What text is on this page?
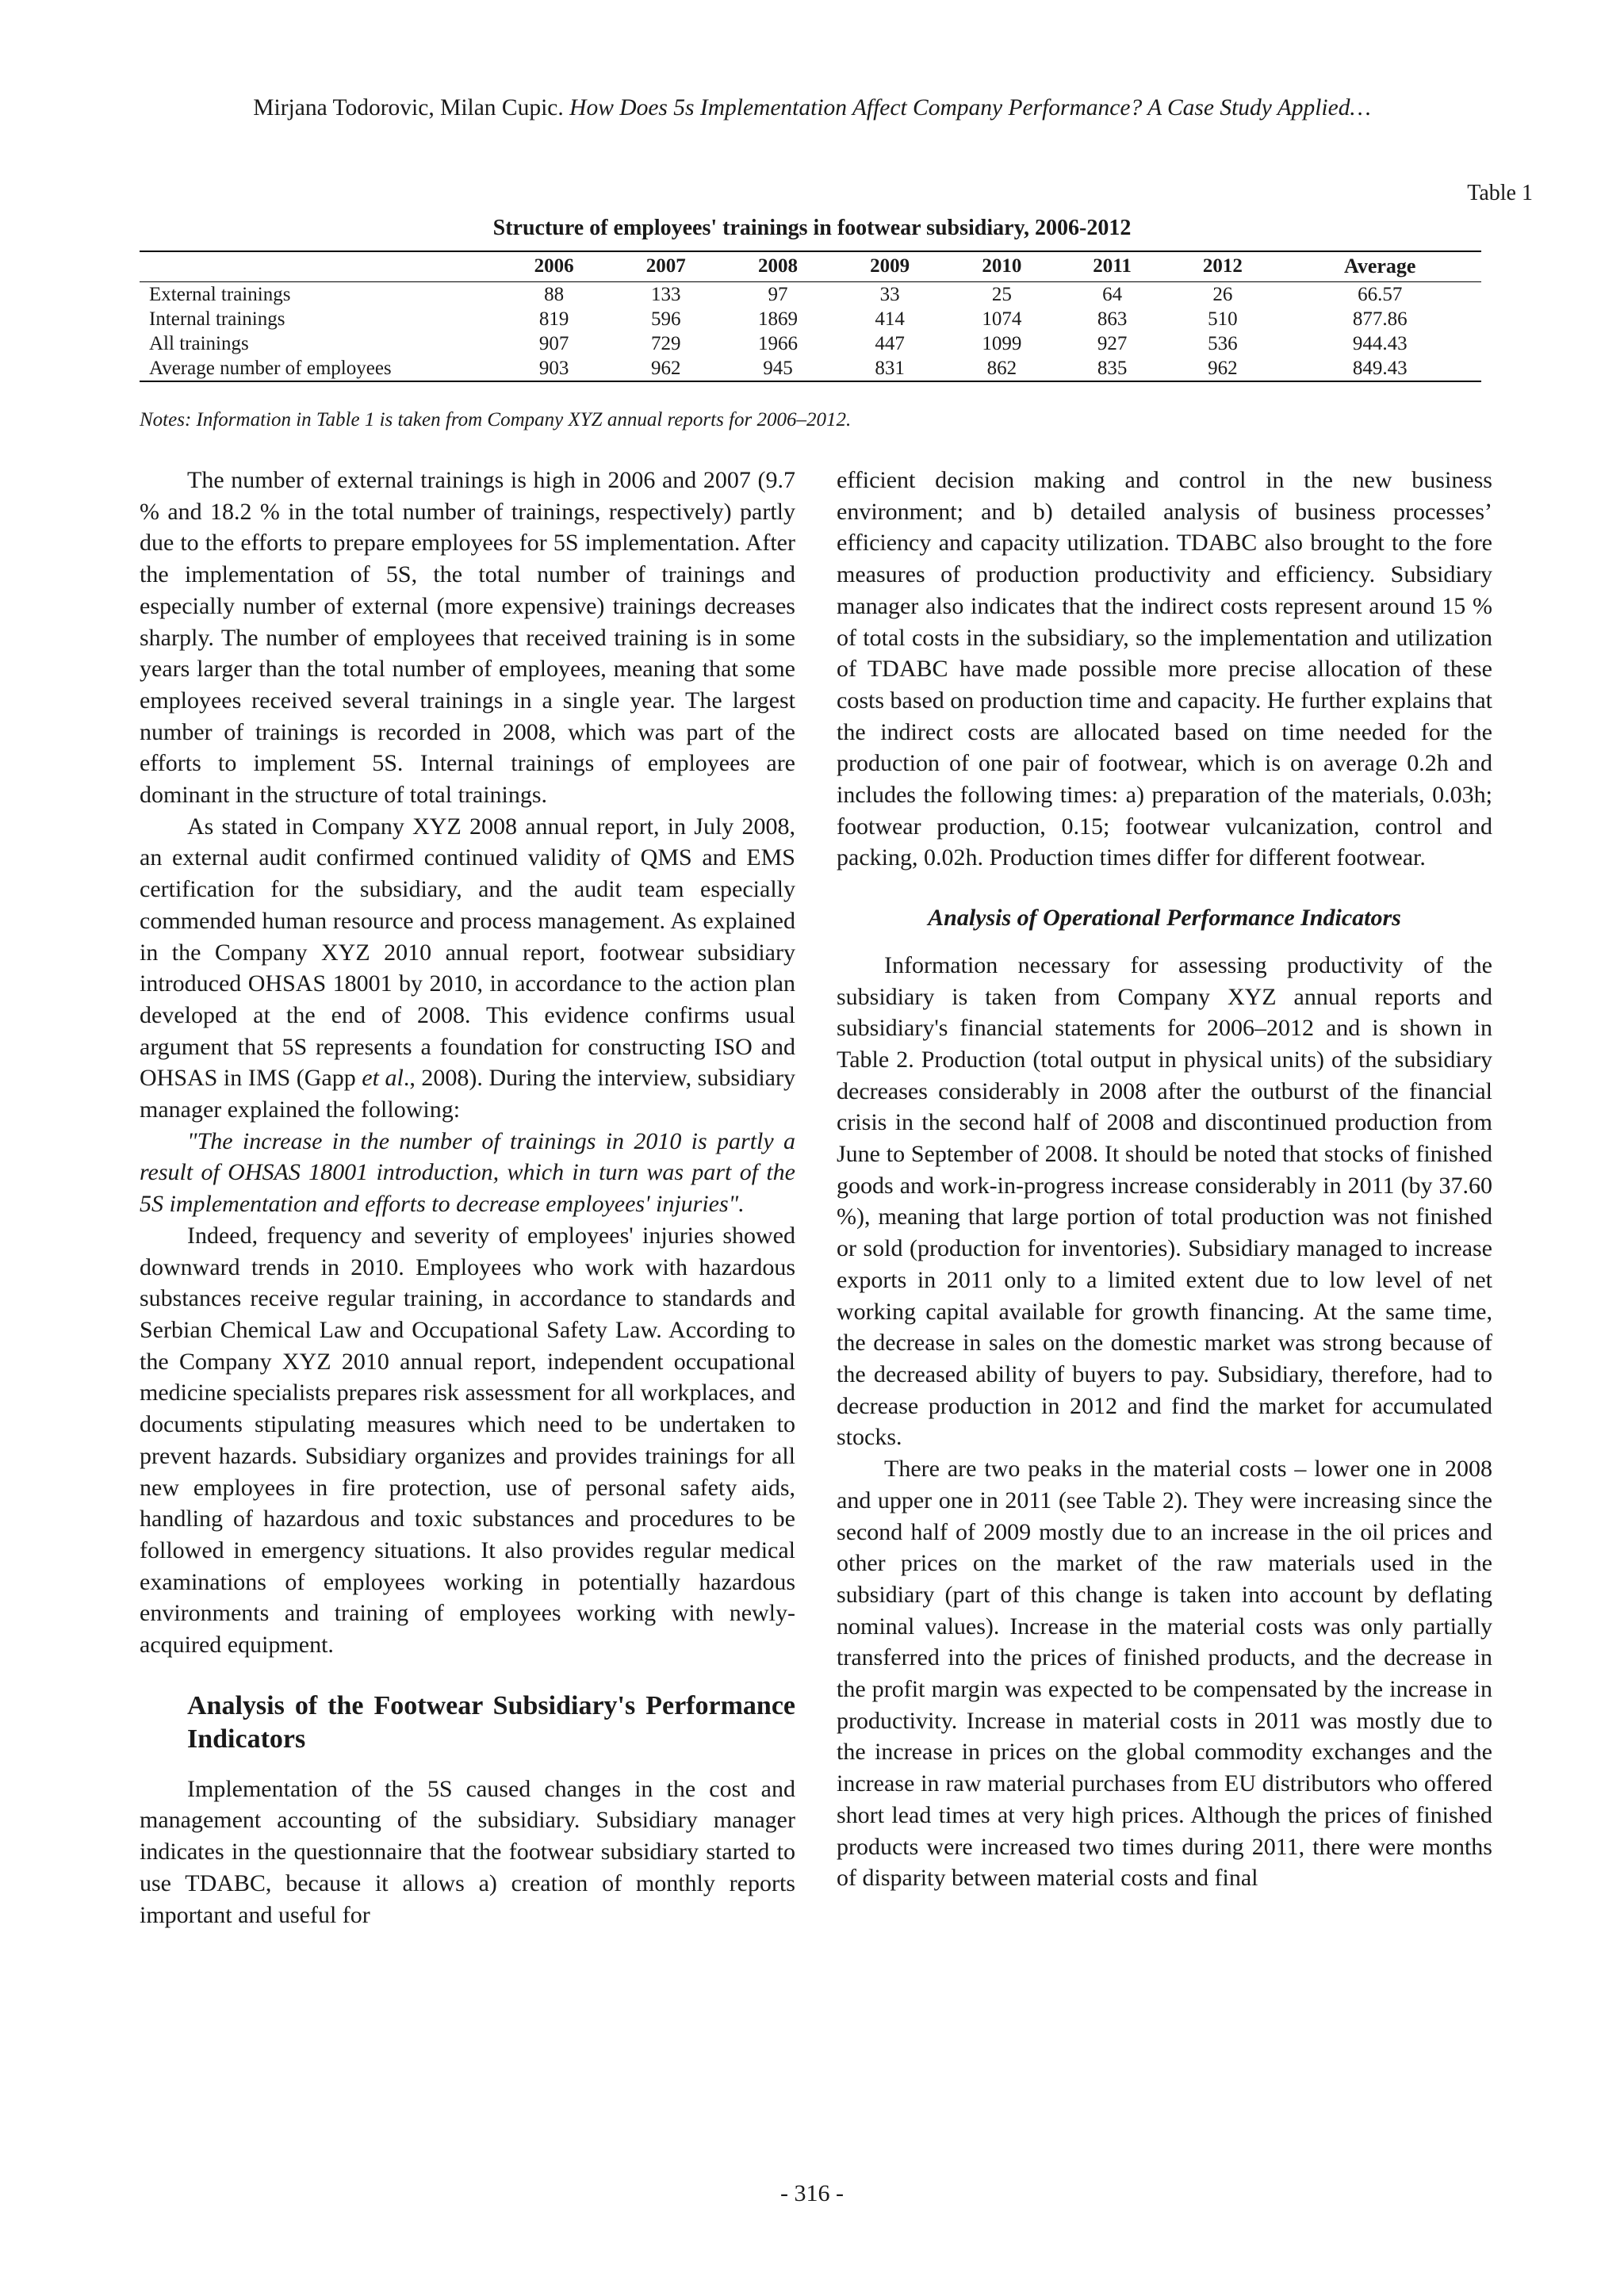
Mirjana Todorovic, Milan Cupic. How Does 5s Implementation Affect Company Performance? A Case Study Applied…
Table 1
Structure of employees' trainings in footwear subsidiary, 2006-2012
	2006	2007	2008	2009	2010	2011	2012	Average
External trainings	88	133	97	33	25	64	26	66.57
Internal trainings	819	596	1869	414	1074	863	510	877.86
All trainings	907	729	1966	447	1099	927	536	944.43
Average number of employees	903	962	945	831	862	835	962	849.43
Notes: Information in Table 1 is taken from Company XYZ annual reports for 2006–2012.

The number of external trainings is high in 2006 and 2007 (9.7 % and 18.2 % in the total number of trainings, respectively) partly due to the efforts to prepare employees for 5S implementation. After the implementation of 5S, the total number of trainings and especially number of external (more expensive) trainings decreases sharply. The number of employees that received training is in some years larger than the total number of employees, meaning that some employees received several trainings in a single year. The largest number of trainings is recorded in 2008, which was part of the efforts to implement 5S. Internal trainings of employees are dominant in the structure of total trainings.

As stated in Company XYZ 2008 annual report, in July 2008, an external audit confirmed continued validity of QMS and EMS certification for the subsidiary, and the audit team especially commended human resource and process management. As explained in the Company XYZ 2010 annual report, footwear subsidiary introduced OHSAS 18001 by 2010, in accordance to the action plan developed at the end of 2008. This evidence confirms usual argument that 5S represents a foundation for constructing ISO and OHSAS in IMS (Gapp et al., 2008). During the interview, subsidiary manager explained the following:

"The increase in the number of trainings in 2010 is partly a result of OHSAS 18001 introduction, which in turn was part of the 5S implementation and efforts to decrease employees' injuries".

Indeed, frequency and severity of employees' injuries showed downward trends in 2010. Employees who work with hazardous substances receive regular training, in accordance to standards and Serbian Chemical Law and Occupational Safety Law. According to the Company XYZ 2010 annual report, independent occupational medicine specialists prepares risk assessment for all workplaces, and documents stipulating measures which need to be undertaken to prevent hazards. Subsidiary organizes and provides trainings for all new employees in fire protection, use of personal safety aids, handling of hazardous and toxic substances and procedures to be followed in emergency situations. It also provides regular medical examinations of employees working in potentially hazardous environments and training of employees working with newly-acquired equipment.

Analysis of the Footwear Subsidiary's Performance Indicators

Implementation of the 5S caused changes in the cost and management accounting of the subsidiary. Subsidiary manager indicates in the questionnaire that the footwear subsidiary started to use TDABC, because it allows a) creation of monthly reports important and useful for

efficient decision making and control in the new business environment; and b) detailed analysis of business processes’ efficiency and capacity utilization. TDABC also brought to the fore measures of production productivity and efficiency. Subsidiary manager also indicates that the indirect costs represent around 15 % of total costs in the subsidiary, so the implementation and utilization of TDABC have made possible more precise allocation of these costs based on production time and capacity. He further explains that the indirect costs are allocated based on time needed for the production of one pair of footwear, which is on average 0.2h and includes the following times: a) preparation of the materials, 0.03h; footwear production, 0.15; footwear vulcanization, control and packing, 0.02h. Production times differ for different footwear.

Analysis of Operational Performance Indicators

Information necessary for assessing productivity of the subsidiary is taken from Company XYZ annual reports and subsidiary's financial statements for 2006–2012 and is shown in Table 2. Production (total output in physical units) of the subsidiary decreases considerably in 2008 after the outburst of the financial crisis in the second half of 2008 and discontinued production from June to September of 2008. It should be noted that stocks of finished goods and work-in-progress increase considerably in 2011 (by 37.60 %), meaning that large portion of total production was not finished or sold (production for inventories). Subsidiary managed to increase exports in 2011 only to a limited extent due to low level of net working capital available for growth financing. At the same time, the decrease in sales on the domestic market was strong because of the decreased ability of buyers to pay. Subsidiary, therefore, had to decrease production in 2012 and find the market for accumulated stocks.

There are two peaks in the material costs – lower one in 2008 and upper one in 2011 (see Table 2). They were increasing since the second half of 2009 mostly due to an increase in the oil prices and other prices on the market of the raw materials used in the subsidiary (part of this change is taken into account by deflating nominal values). Increase in the material costs was only partially transferred into the prices of finished products, and the decrease in the profit margin was expected to be compensated by the increase in productivity. Increase in material costs in 2011 was mostly due to the increase in prices on the global commodity exchanges and the increase in raw material purchases from EU distributors who offered short lead times at very high prices. Although the prices of finished products were increased two times during 2011, there were months of disparity between material costs and final

- 316 -
